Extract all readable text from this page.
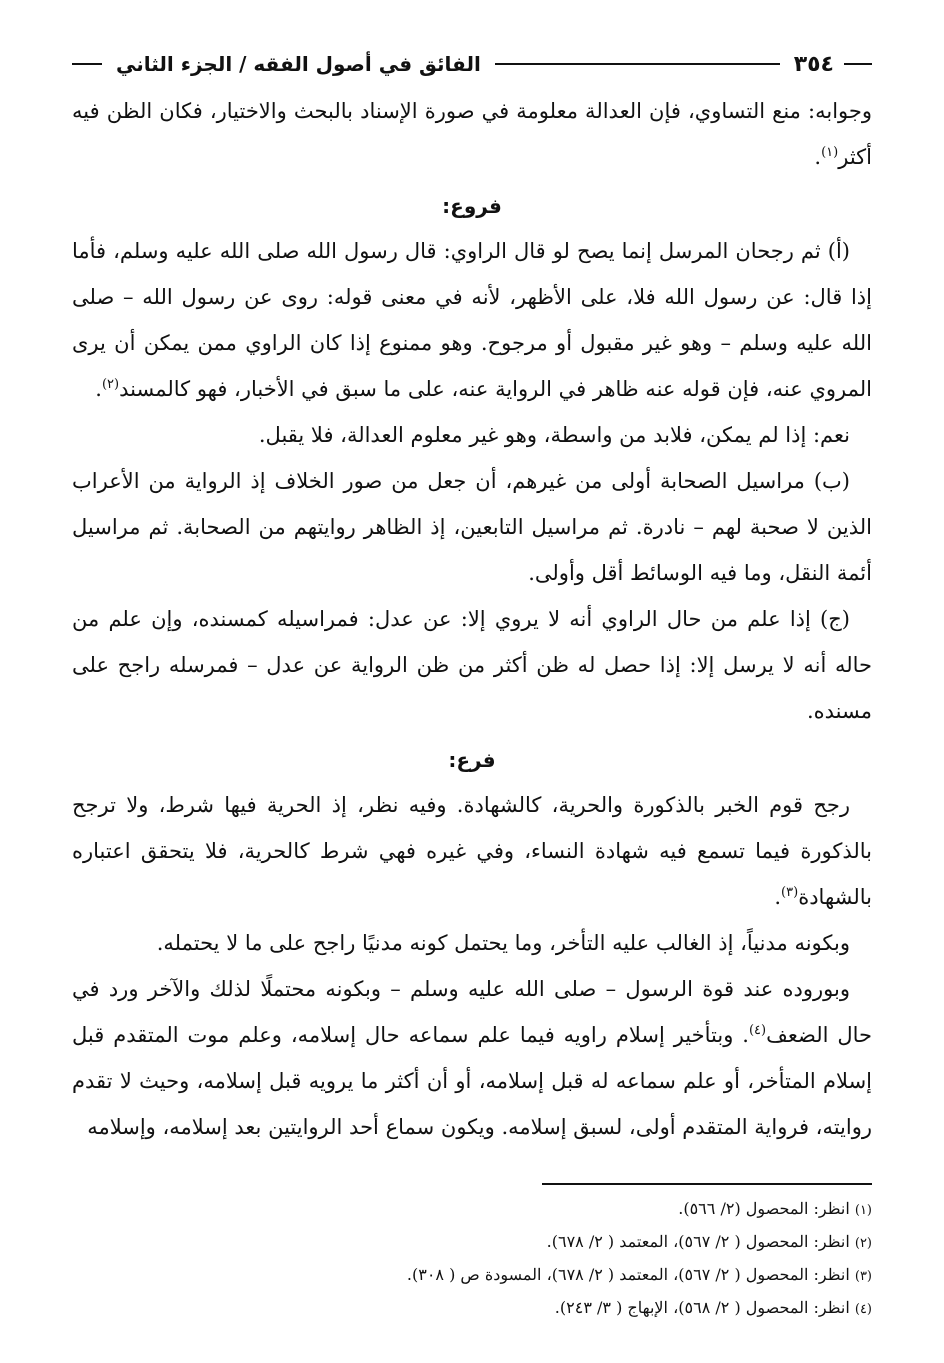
٣٥٤
الفائق في أصول الفقه / الجزء الثاني

وجوابه: منع التساوي، فإن العدالة معلومة في صورة الإسناد بالبحث والاختيار، فكان الظن فيه أكثر$^{(١)}$.

فروع:

(أ) ثم رجحان المرسل إنما يصح لو قال الراوي: قال رسول الله صلى الله عليه وسلم، فأما إذا قال: عن رسول الله فلا، على الأظهر، لأنه في معنى قوله: روى عن رسول الله – صلى الله عليه وسلم – وهو غير مقبول أو مرجوح. وهو ممنوع إذا كان الراوي ممن يمكن أن يرى المروي عنه، فإن قوله عنه ظاهر في الرواية عنه، على ما سبق في الأخبار، فهو كالمسند$^{(٢)}$.

نعم: إذا لم يمكن، فلابد من واسطة، وهو غير معلوم العدالة، فلا يقبل.

(ب) مراسيل الصحابة أولى من غيرهم، أن جعل من صور الخلاف إذ الرواية من الأعراب الذين لا صحبة لهم – نادرة. ثم مراسيل التابعين، إذ الظاهر روايتهم من الصحابة. ثم مراسيل أئمة النقل، وما فيه الوسائط أقل وأولى.

(ج) إذا علم من حال الراوي أنه لا يروي إلا: عن عدل: فمراسيله كمسنده، وإن علم من حاله أنه لا يرسل إلا: إذا حصل له ظن أكثر من ظن الرواية عن عدل – فمرسله راجح على مسنده.

فرع:

رجح قوم الخبر بالذكورة والحرية، كالشهادة. وفيه نظر، إذ الحرية فيها شرط، ولا ترجح بالذكورة فيما تسمع فيه شهادة النساء، وفي غيره فهي شرط كالحرية، فلا يتحقق اعتباره بالشهادة$^{(٣)}$.

وبكونه مدنياً، إذ الغالب عليه التأخر، وما يحتمل كونه مدنيًا راجح على ما لا يحتمله.

وبوروده عند قوة الرسول – صلى الله عليه وسلم – وبكونه محتملًا لذلك والآخر ورد في حال الضعف$^{(٤)}$. وبتأخير إسلام راويه فيما علم سماعه حال إسلامه، وعلم موت المتقدم قبل إسلام المتأخر، أو علم سماعه له قبل إسلامه، أو أن أكثر ما يرويه قبل إسلامه، وحيث لا تقدم روايته، فرواية المتقدم أولى، لسبق إسلامه. ويكون سماع أحد الروايتين بعد إسلامه، وإسلامه

(١) انظر: المحصول (٢/ ٥٦٦).
(٢) انظر: المحصول ( ٢/ ٥٦٧)، المعتمد ( ٢/ ٦٧٨).
(٣) انظر: المحصول ( ٢/ ٥٦٧)، المعتمد ( ٢/ ٦٧٨)، المسودة ص ( ٣٠٨).
(٤) انظر: المحصول ( ٢/ ٥٦٨)، الإبهاج ( ٣/ ٢٤٣).
